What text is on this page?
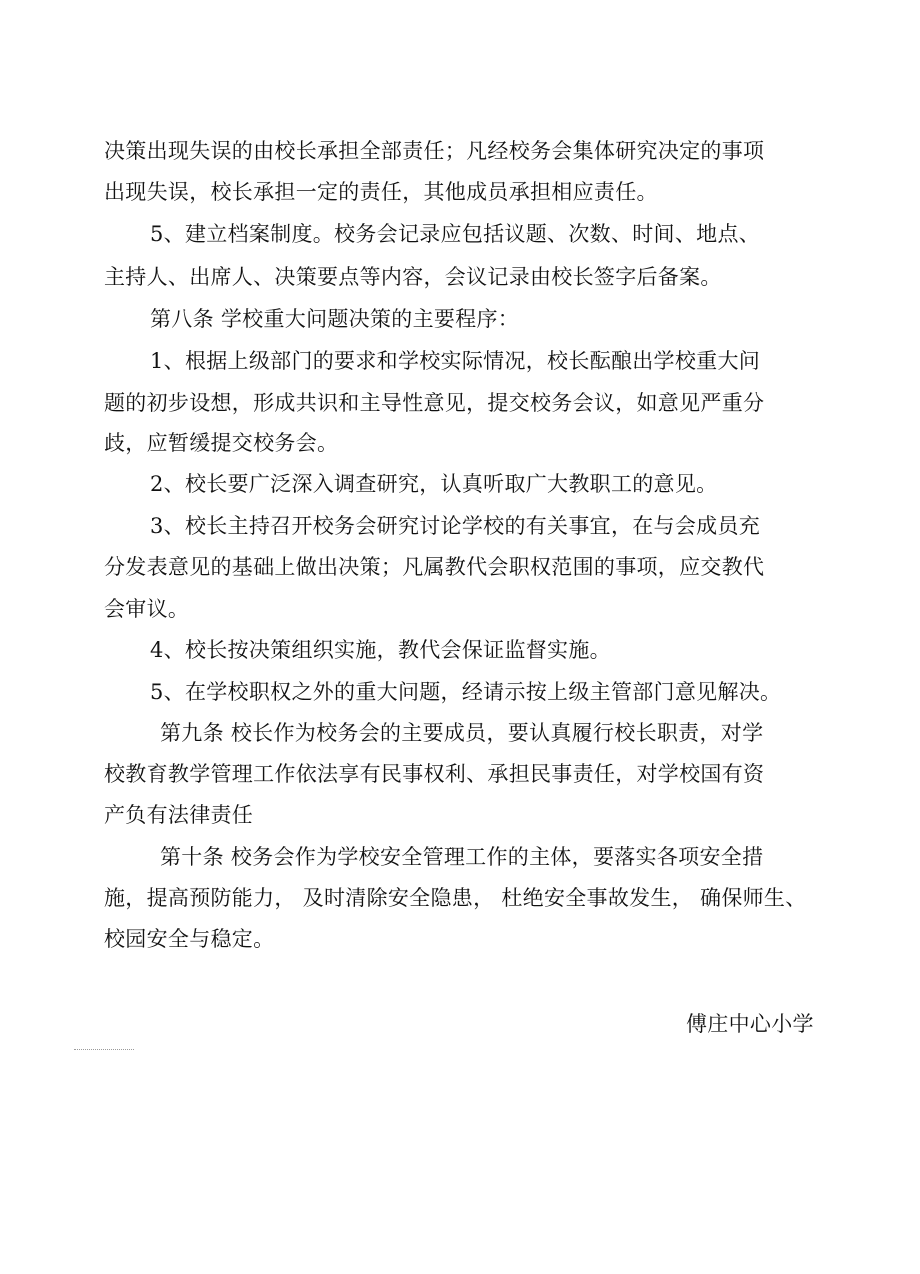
决策出现失误的由校长承担全部责任；凡经校务会集体研究决定的事项
出现失误，校长承担一定的责任，其他成员承担相应责任。
5、建立档案制度。校务会记录应包括议题、次数、时间、地点、
主持人、出席人、决策要点等内容，会议记录由校长签字后备案。
第八条 学校重大问题决策的主要程序：
1、根据上级部门的要求和学校实际情况，校长酝酿出学校重大问
题的初步设想，形成共识和主导性意见，提交校务会议，如意见严重分
歧，应暂缓提交校务会。
2、校长要广泛深入调查研究，认真听取广大教职工的意见。
3、校长主持召开校务会研究讨论学校的有关事宜，在与会成员充
分发表意见的基础上做出决策；凡属教代会职权范围的事项，应交教代
会审议。
4、校长按决策组织实施，教代会保证监督实施。
5、在学校职权之外的重大问题，经请示按上级主管部门意见解决。
第九条 校长作为校务会的主要成员，要认真履行校长职责，对学
校教育教学管理工作依法享有民事权利、承担民事责任，对学校国有资
产负有法律责任
第十条 校务会作为学校安全管理工作的主体，要落实各项安全措
施，提高预防能力， 及时清除安全隐患， 杜绝安全事故发生， 确保师生、
校园安全与稳定。
傅庄中心小学
